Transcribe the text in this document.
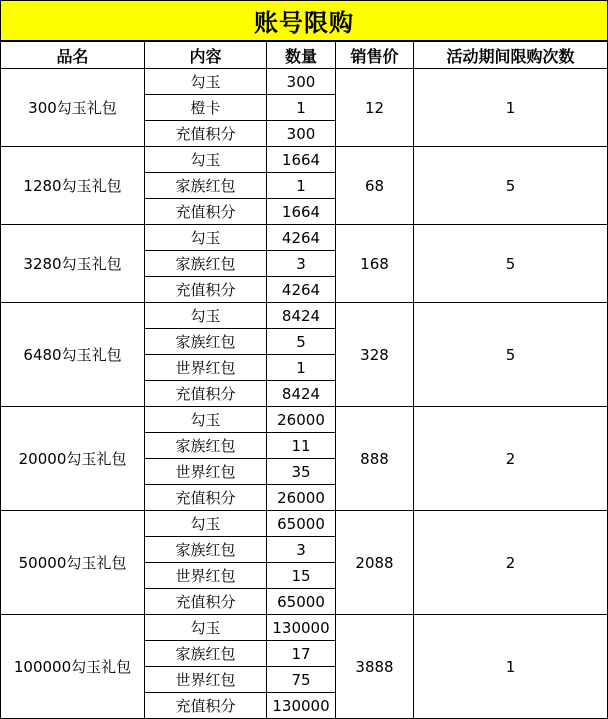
账号限购				
品名	内容	数量	销售价	活动期间限购次数
300勾玉礼包	勾玉	300	12	1
	橙卡	1		
	充值积分	300		
1280勾玉礼包	勾玉	1664	68	5
	家族红包	1		
	充值积分	1664		
3280勾玉礼包	勾玉	4264	168	5
	家族红包	3		
	充值积分	4264		
6480勾玉礼包	勾玉	8424	328	5
	家族红包	5		
	世界红包	1		
	充值积分	8424		
20000勾玉礼包	勾玉	26000	888	2
	家族红包	11		
	世界红包	35		
	充值积分	26000		
50000勾玉礼包	勾玉	65000	2088	2
	家族红包	3		
	世界红包	15		
	充值积分	65000		
100000勾玉礼包	勾玉	130000	3888	1
	家族红包	17		
	世界红包	75		
	充值积分	130000		
